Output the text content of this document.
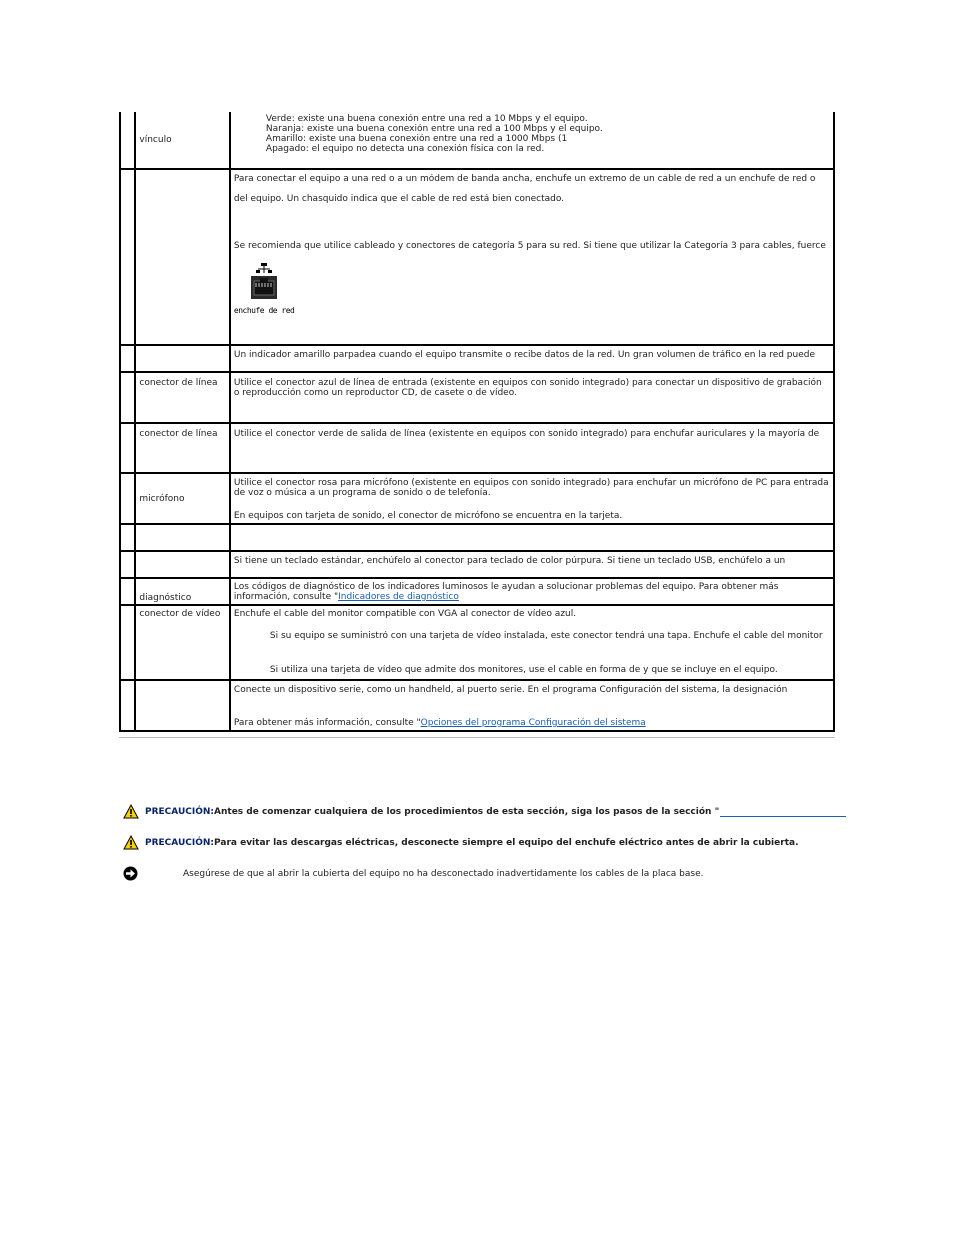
	vínculo	Verde: existe una buena conexión entre una red a 10 Mbps y el equipo.
Naranja: existe una buena conexión entre una red a 100 Mbps y el equipo.
Amarillo: existe una buena conexión entre una red a 1000 Mbps (1
Apagado: el equipo no detecta una conexión física con la red.

		Para conectar el equipo a una red o a un módem de banda ancha, enchufe un extremo de un cable de red a un enchufe de red o
del equipo. Un chasquido indica que el cable de red está bien conectado.
Se recomienda que utilice cableado y conectores de categoría 5 para su red. Si tiene que utilizar la Categoría 3 para cables, fuerce
enchufe de red

		Un indicador amarillo parpadea cuando el equipo transmite o recibe datos de la red. Un gran volumen de tráfico en la red puede

	conector de línea	Utilice el conector azul de línea de entrada (existente en equipos con sonido integrado) para conectar un dispositivo de grabación o reproducción como un reproductor CD, de casete o de vídeo.

	conector de línea	Utilice el conector verde de salida de línea (existente en equipos con sonido integrado) para enchufar auriculares y la mayoría de

	micrófono	Utilice el conector rosa para micrófono (existente en equipos con sonido integrado) para enchufar un micrófono de PC para entrada de voz o música a un programa de sonido o de telefonía.
En equipos con tarjeta de sonido, el conector de micrófono se encuentra en la tarjeta.

		Si tiene un teclado estándar, enchúfelo al conector para teclado de color púrpura. Si tiene un teclado USB, enchúfelo a un

	diagnóstico	Los códigos de diagnóstico de los indicadores luminosos le ayudan a solucionar problemas del equipo. Para obtener más información, consulte "Indicadores de diagnóstico
	conector de vídeo	Enchufe el cable del monitor compatible con VGA al conector de vídeo azul.
Si su equipo se suministró con una tarjeta de vídeo instalada, este conector tendrá una tapa. Enchufe el cable del monitor
Si utiliza una tarjeta de vídeo que admite dos monitores, use el cable en forma de y que se incluye en el equipo.

		Conecte un dispositivo serie, como un handheld, al puerto serie. En el programa Configuración del sistema, la designación
Para obtener más información, consulte "Opciones del programa Configuración del sistema
PRECAUCIÓN: Antes de comenzar cualquiera de los procedimientos de esta sección, siga los pasos de la sección "
PRECAUCIÓN: Para evitar las descargas eléctricas, desconecte siempre el equipo del enchufe eléctrico antes de abrir la cubierta.
Asegúrese de que al abrir la cubierta del equipo no ha desconectado inadvertidamente los cables de la placa base.
